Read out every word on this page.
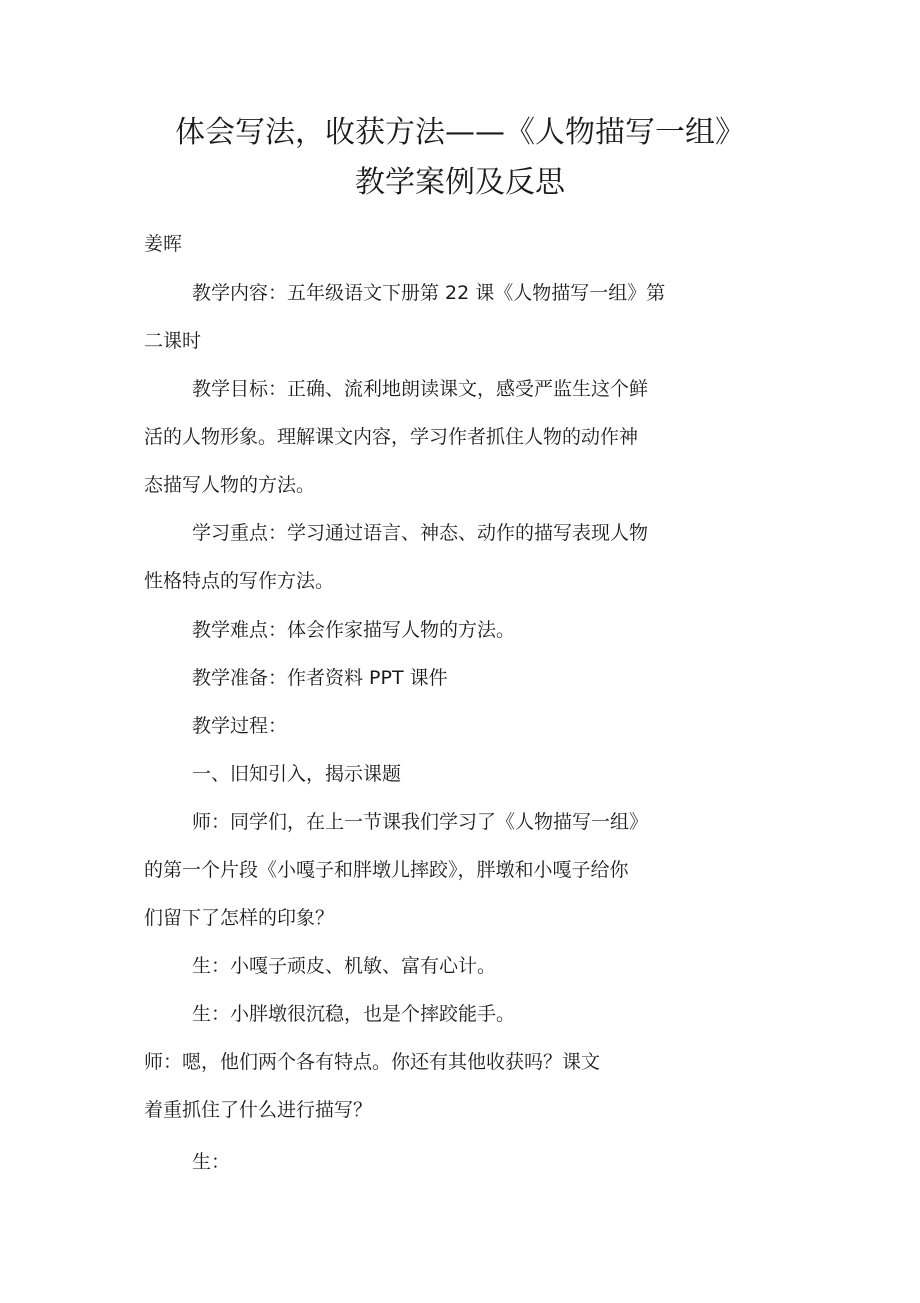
体会写法，收获方法——《人物描写一组》
教学案例及反思
姜晖
教学内容：五年级语文下册第 22 课《人物描写一组》第
二课时
教学目标：正确、流利地朗读课文，感受严监生这个鲜
活的人物形象。理解课文内容，学习作者抓住人物的动作神
态描写人物的方法。
学习重点：学习通过语言、神态、动作的描写表现人物
性格特点的写作方法。
教学难点：体会作家描写人物的方法。
教学准备：作者资料 PPT 课件
教学过程：
一、旧知引入，揭示课题
师：同学们，在上一节课我们学习了《人物描写一组》
的第一个片段《小嘎子和胖墩儿摔跤》，胖墩和小嘎子给你
们留下了怎样的印象？
生：小嘎子顽皮、机敏、富有心计。
生：小胖墩很沉稳，也是个摔跤能手。
师：嗯，他们两个各有特点。你还有其他收获吗？课文
着重抓住了什么进行描写？
生：
